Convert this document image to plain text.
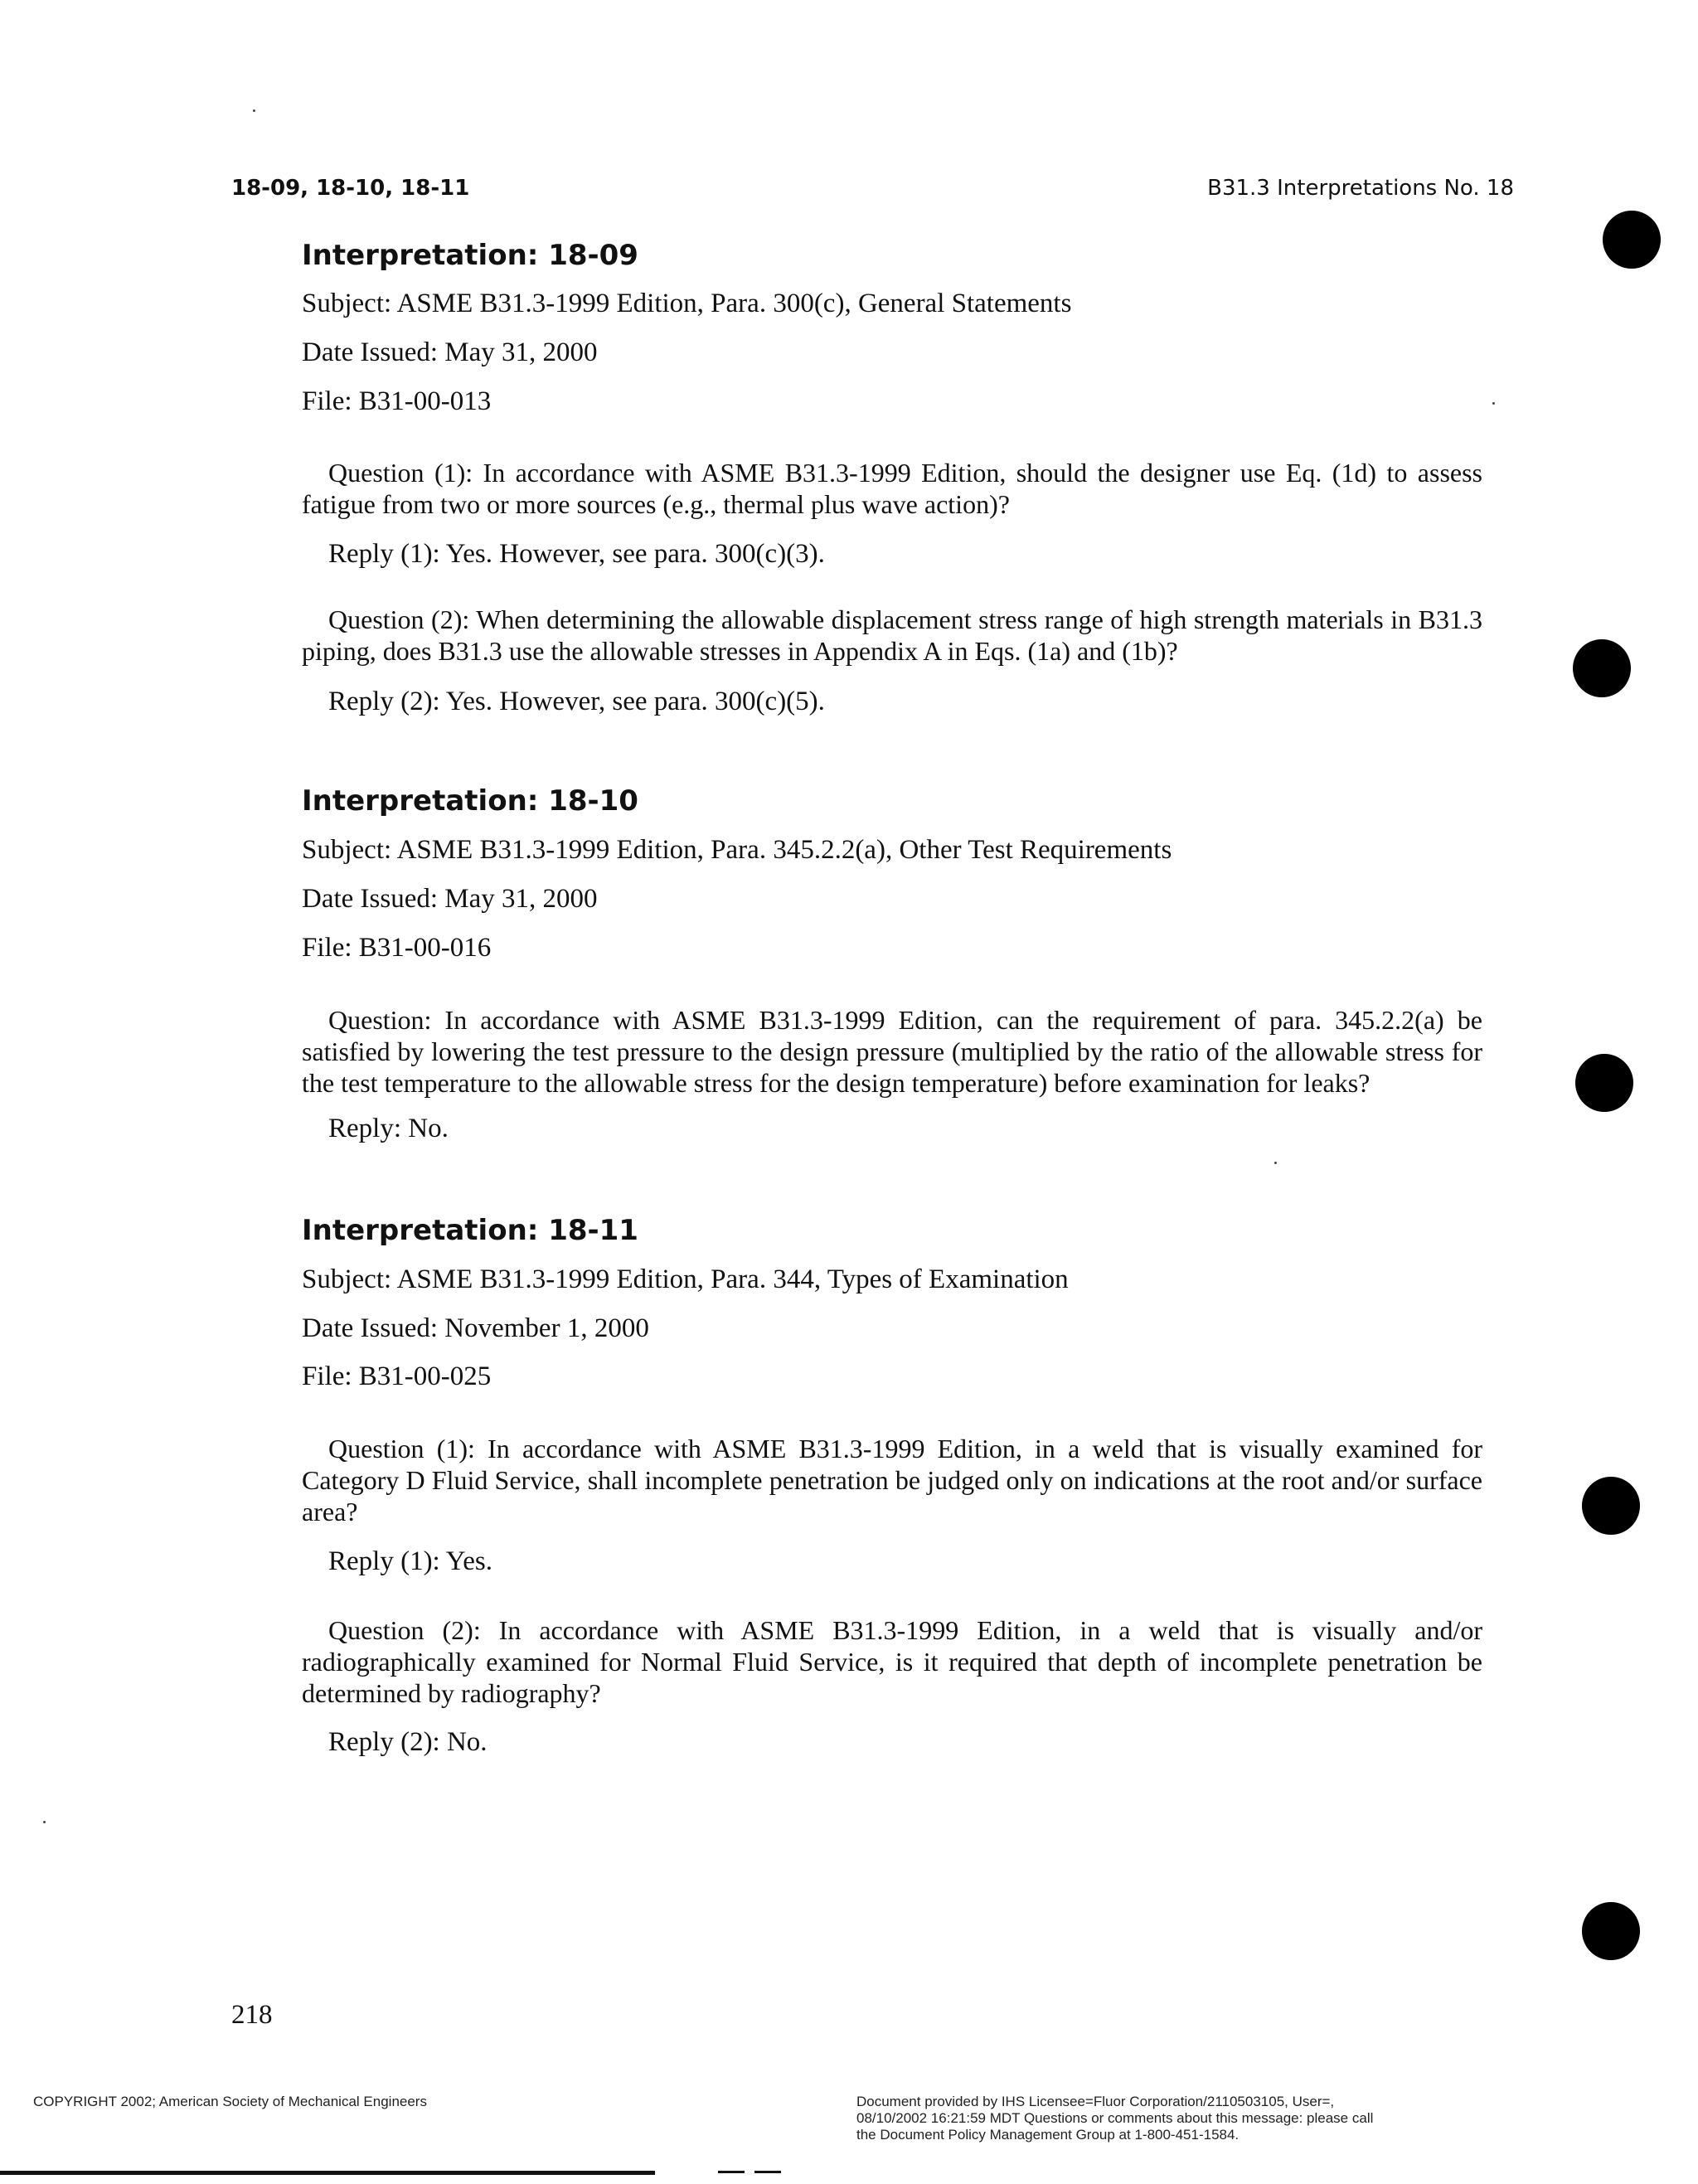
18-09, 18-10, 18-11	B31.3 Interpretations No. 18
Interpretation: 18-09
Subject: ASME B31.3-1999 Edition, Para. 300(c), General Statements
Date Issued: May 31, 2000
File: B31-00-013
Question (1): In accordance with ASME B31.3-1999 Edition, should the designer use Eq. (1d) to assess fatigue from two or more sources (e.g., thermal plus wave action)?
Reply (1): Yes. However, see para. 300(c)(3).
Question (2): When determining the allowable displacement stress range of high strength materials in B31.3 piping, does B31.3 use the allowable stresses in Appendix A in Eqs. (1a) and (1b)?
Reply (2): Yes. However, see para. 300(c)(5).
Interpretation: 18-10
Subject: ASME B31.3-1999 Edition, Para. 345.2.2(a), Other Test Requirements
Date Issued: May 31, 2000
File: B31-00-016
Question: In accordance with ASME B31.3-1999 Edition, can the requirement of para. 345.2.2(a) be satisfied by lowering the test pressure to the design pressure (multiplied by the ratio of the allowable stress for the test temperature to the allowable stress for the design temperature) before examination for leaks?
Reply: No.
Interpretation: 18-11
Subject: ASME B31.3-1999 Edition, Para. 344, Types of Examination
Date Issued: November 1, 2000
File: B31-00-025
Question (1): In accordance with ASME B31.3-1999 Edition, in a weld that is visually examined for Category D Fluid Service, shall incomplete penetration be judged only on indications at the root and/or surface area?
Reply (1): Yes.
Question (2): In accordance with ASME B31.3-1999 Edition, in a weld that is visually and/or radiographically examined for Normal Fluid Service, is it required that depth of incomplete penetration be determined by radiography?
Reply (2): No.
218
COPYRIGHT 2002; American Society of Mechanical Engineers	Document provided by IHS Licensee=Fluor Corporation/2110503105, User=,
08/10/2002 16:21:59 MDT Questions or comments about this message: please call
the Document Policy Management Group at 1-800-451-1584.
